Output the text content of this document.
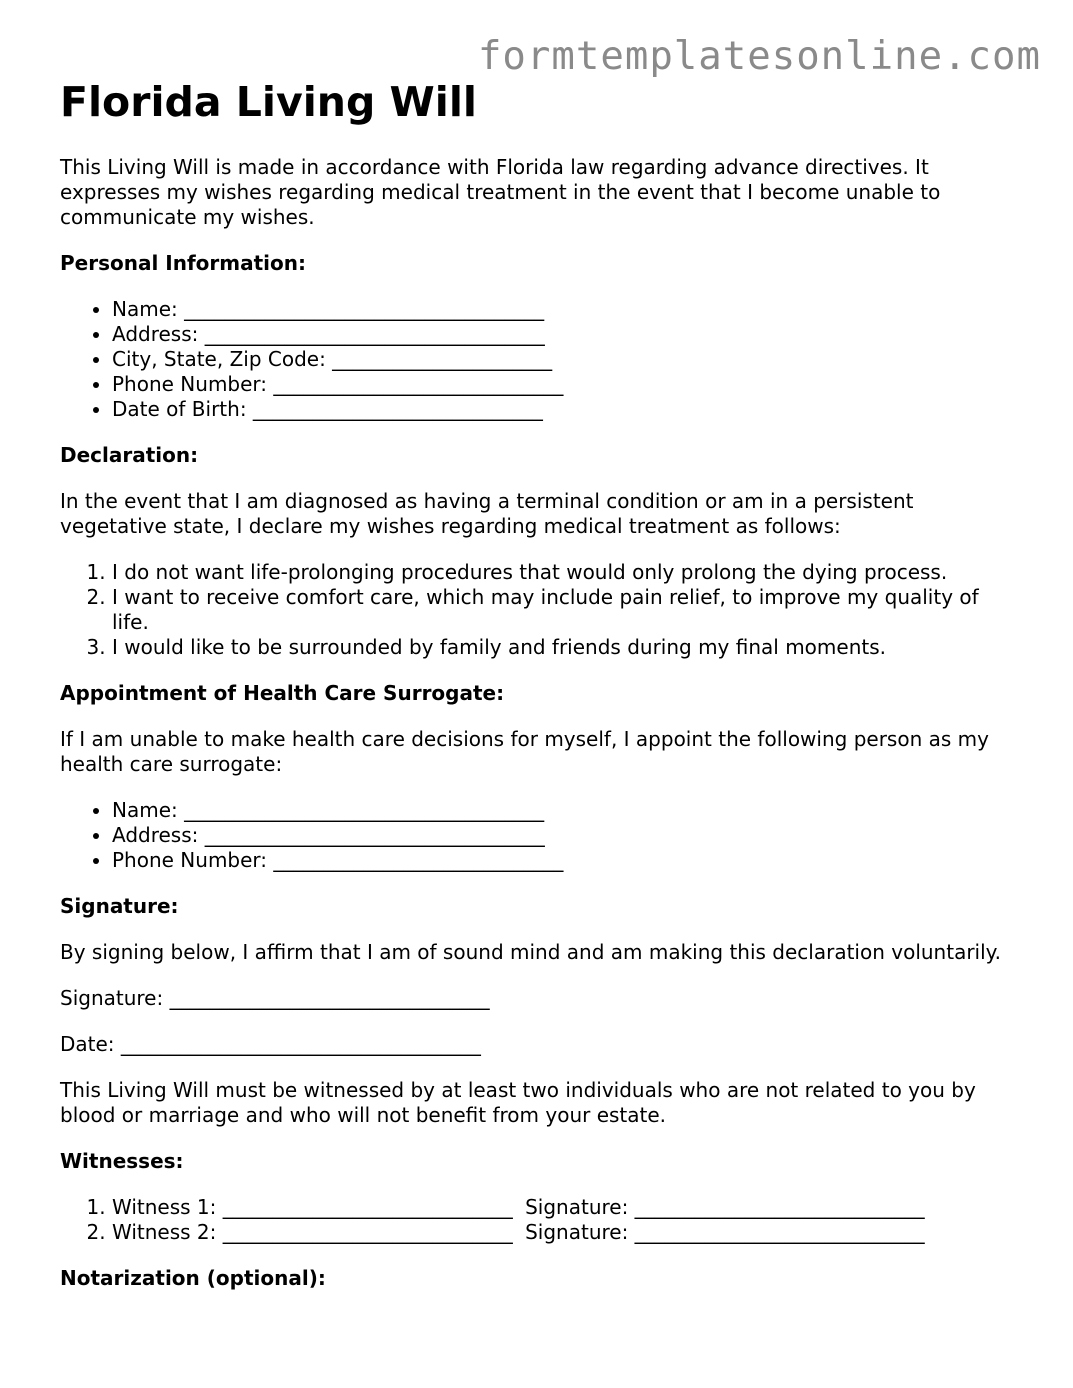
formtemplatesonline.com
Florida Living Will

This Living Will is made in accordance with Florida law regarding advance directives. It expresses my wishes regarding medical treatment in the event that I become unable to communicate my wishes.

Personal Information:

• Name: ____________________________________
• Address: __________________________________
• City, State, Zip Code: ______________________
• Phone Number: _____________________________
• Date of Birth: _____________________________

Declaration:

In the event that I am diagnosed as having a terminal condition or am in a persistent vegetative state, I declare my wishes regarding medical treatment as follows:

1. I do not want life-prolonging procedures that would only prolong the dying process.
2. I want to receive comfort care, which may include pain relief, to improve my quality of life.
3. I would like to be surrounded by family and friends during my final moments.

Appointment of Health Care Surrogate:

If I am unable to make health care decisions for myself, I appoint the following person as my health care surrogate:

• Name: ____________________________________
• Address: __________________________________
• Phone Number: _____________________________

Signature:

By signing below, I affirm that I am of sound mind and am making this declaration voluntarily.

Signature: ________________________________

Date: ____________________________________

This Living Will must be witnessed by at least two individuals who are not related to you by blood or marriage and who will not benefit from your estate.

Witnesses:

1. Witness 1: _____________________________ Signature: _____________________________
2. Witness 2: _____________________________ Signature: _____________________________

Notarization (optional):
